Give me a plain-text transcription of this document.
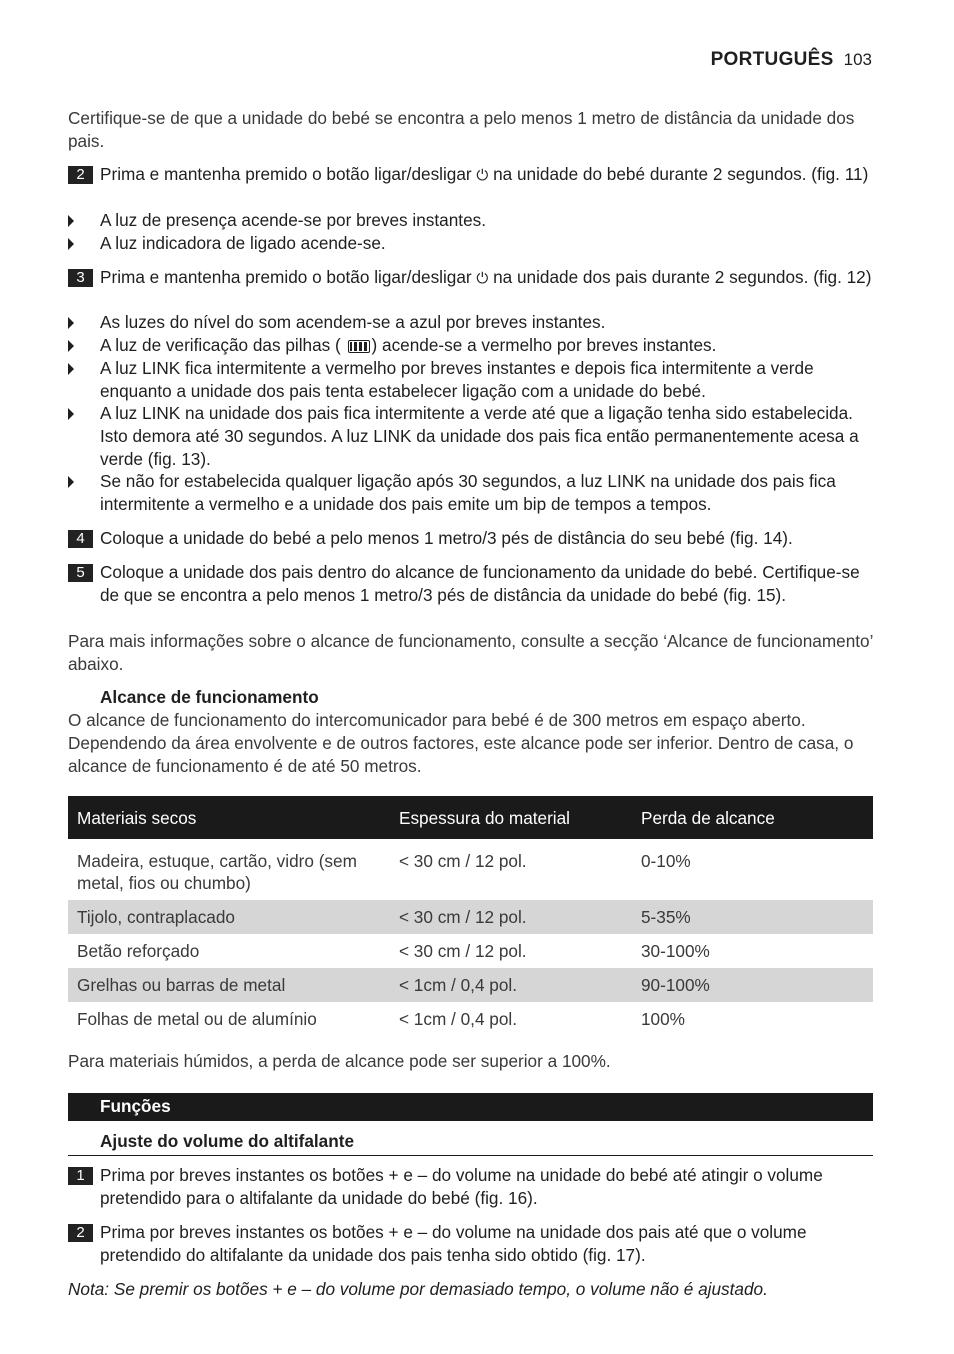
PORTUGUÊS 103
Certifique-se de que a unidade do bebé se encontra a pelo menos 1 metro de distância da unidade dos pais.
2 Prima e mantenha premido o botão ligar/desligar ⏻ na unidade do bebé durante 2 segundos. (fig. 11)
A luz de presença acende-se por breves instantes.
A luz indicadora de ligado acende-se.
3 Prima e mantenha premido o botão ligar/desligar ⏻ na unidade dos pais durante 2 segundos. (fig. 12)
As luzes do nível do som acendem-se a azul por breves instantes.
A luz de verificação das pilhas ( ) acende-se a vermelho por breves instantes.
A luz LINK fica intermitente a vermelho por breves instantes e depois fica intermitente a verde enquanto a unidade dos pais tenta estabelecer ligação com a unidade do bebé.
A luz LINK na unidade dos pais fica intermitente a verde até que a ligação tenha sido estabelecida. Isto demora até 30 segundos. A luz LINK da unidade dos pais fica então permanentemente acesa a verde (fig. 13).
Se não for estabelecida qualquer ligação após 30 segundos, a luz LINK na unidade dos pais fica intermitente a vermelho e a unidade dos pais emite um bip de tempos a tempos.
4 Coloque a unidade do bebé a pelo menos 1 metro/3 pés de distância do seu bebé (fig. 14).
5 Coloque a unidade dos pais dentro do alcance de funcionamento da unidade do bebé. Certifique-se de que se encontra a pelo menos 1 metro/3 pés de distância da unidade do bebé (fig. 15).
Para mais informações sobre o alcance de funcionamento, consulte a secção ‘Alcance de funcionamento’ abaixo.
Alcance de funcionamento
O alcance de funcionamento do intercomunicador para bebé é de 300 metros em espaço aberto. Dependendo da área envolvente e de outros factores, este alcance pode ser inferior. Dentro de casa, o alcance de funcionamento é de até 50 metros.
Materiais secos	Espessura do material	Perda de alcance
Madeira, estuque, cartão, vidro (sem metal, fios ou chumbo)	< 30 cm / 12 pol.	0-10%
Tijolo, contraplacado	< 30 cm / 12 pol.	5-35%
Betão reforçado	< 30 cm / 12 pol.	30-100%
Grelhas ou barras de metal	< 1cm / 0,4 pol.	90-100%
Folhas de metal ou de alumínio	< 1cm / 0,4 pol.	100%
Para materiais húmidos, a perda de alcance pode ser superior a 100%.
Funções
Ajuste do volume do altifalante
1 Prima por breves instantes os botões + e – do volume na unidade do bebé até atingir o volume pretendido para o altifalante da unidade do bebé (fig. 16).
2 Prima por breves instantes os botões + e – do volume na unidade dos pais até que o volume pretendido do altifalante da unidade dos pais tenha sido obtido (fig. 17).
Nota: Se premir os botões + e – do volume por demasiado tempo, o volume não é ajustado.
